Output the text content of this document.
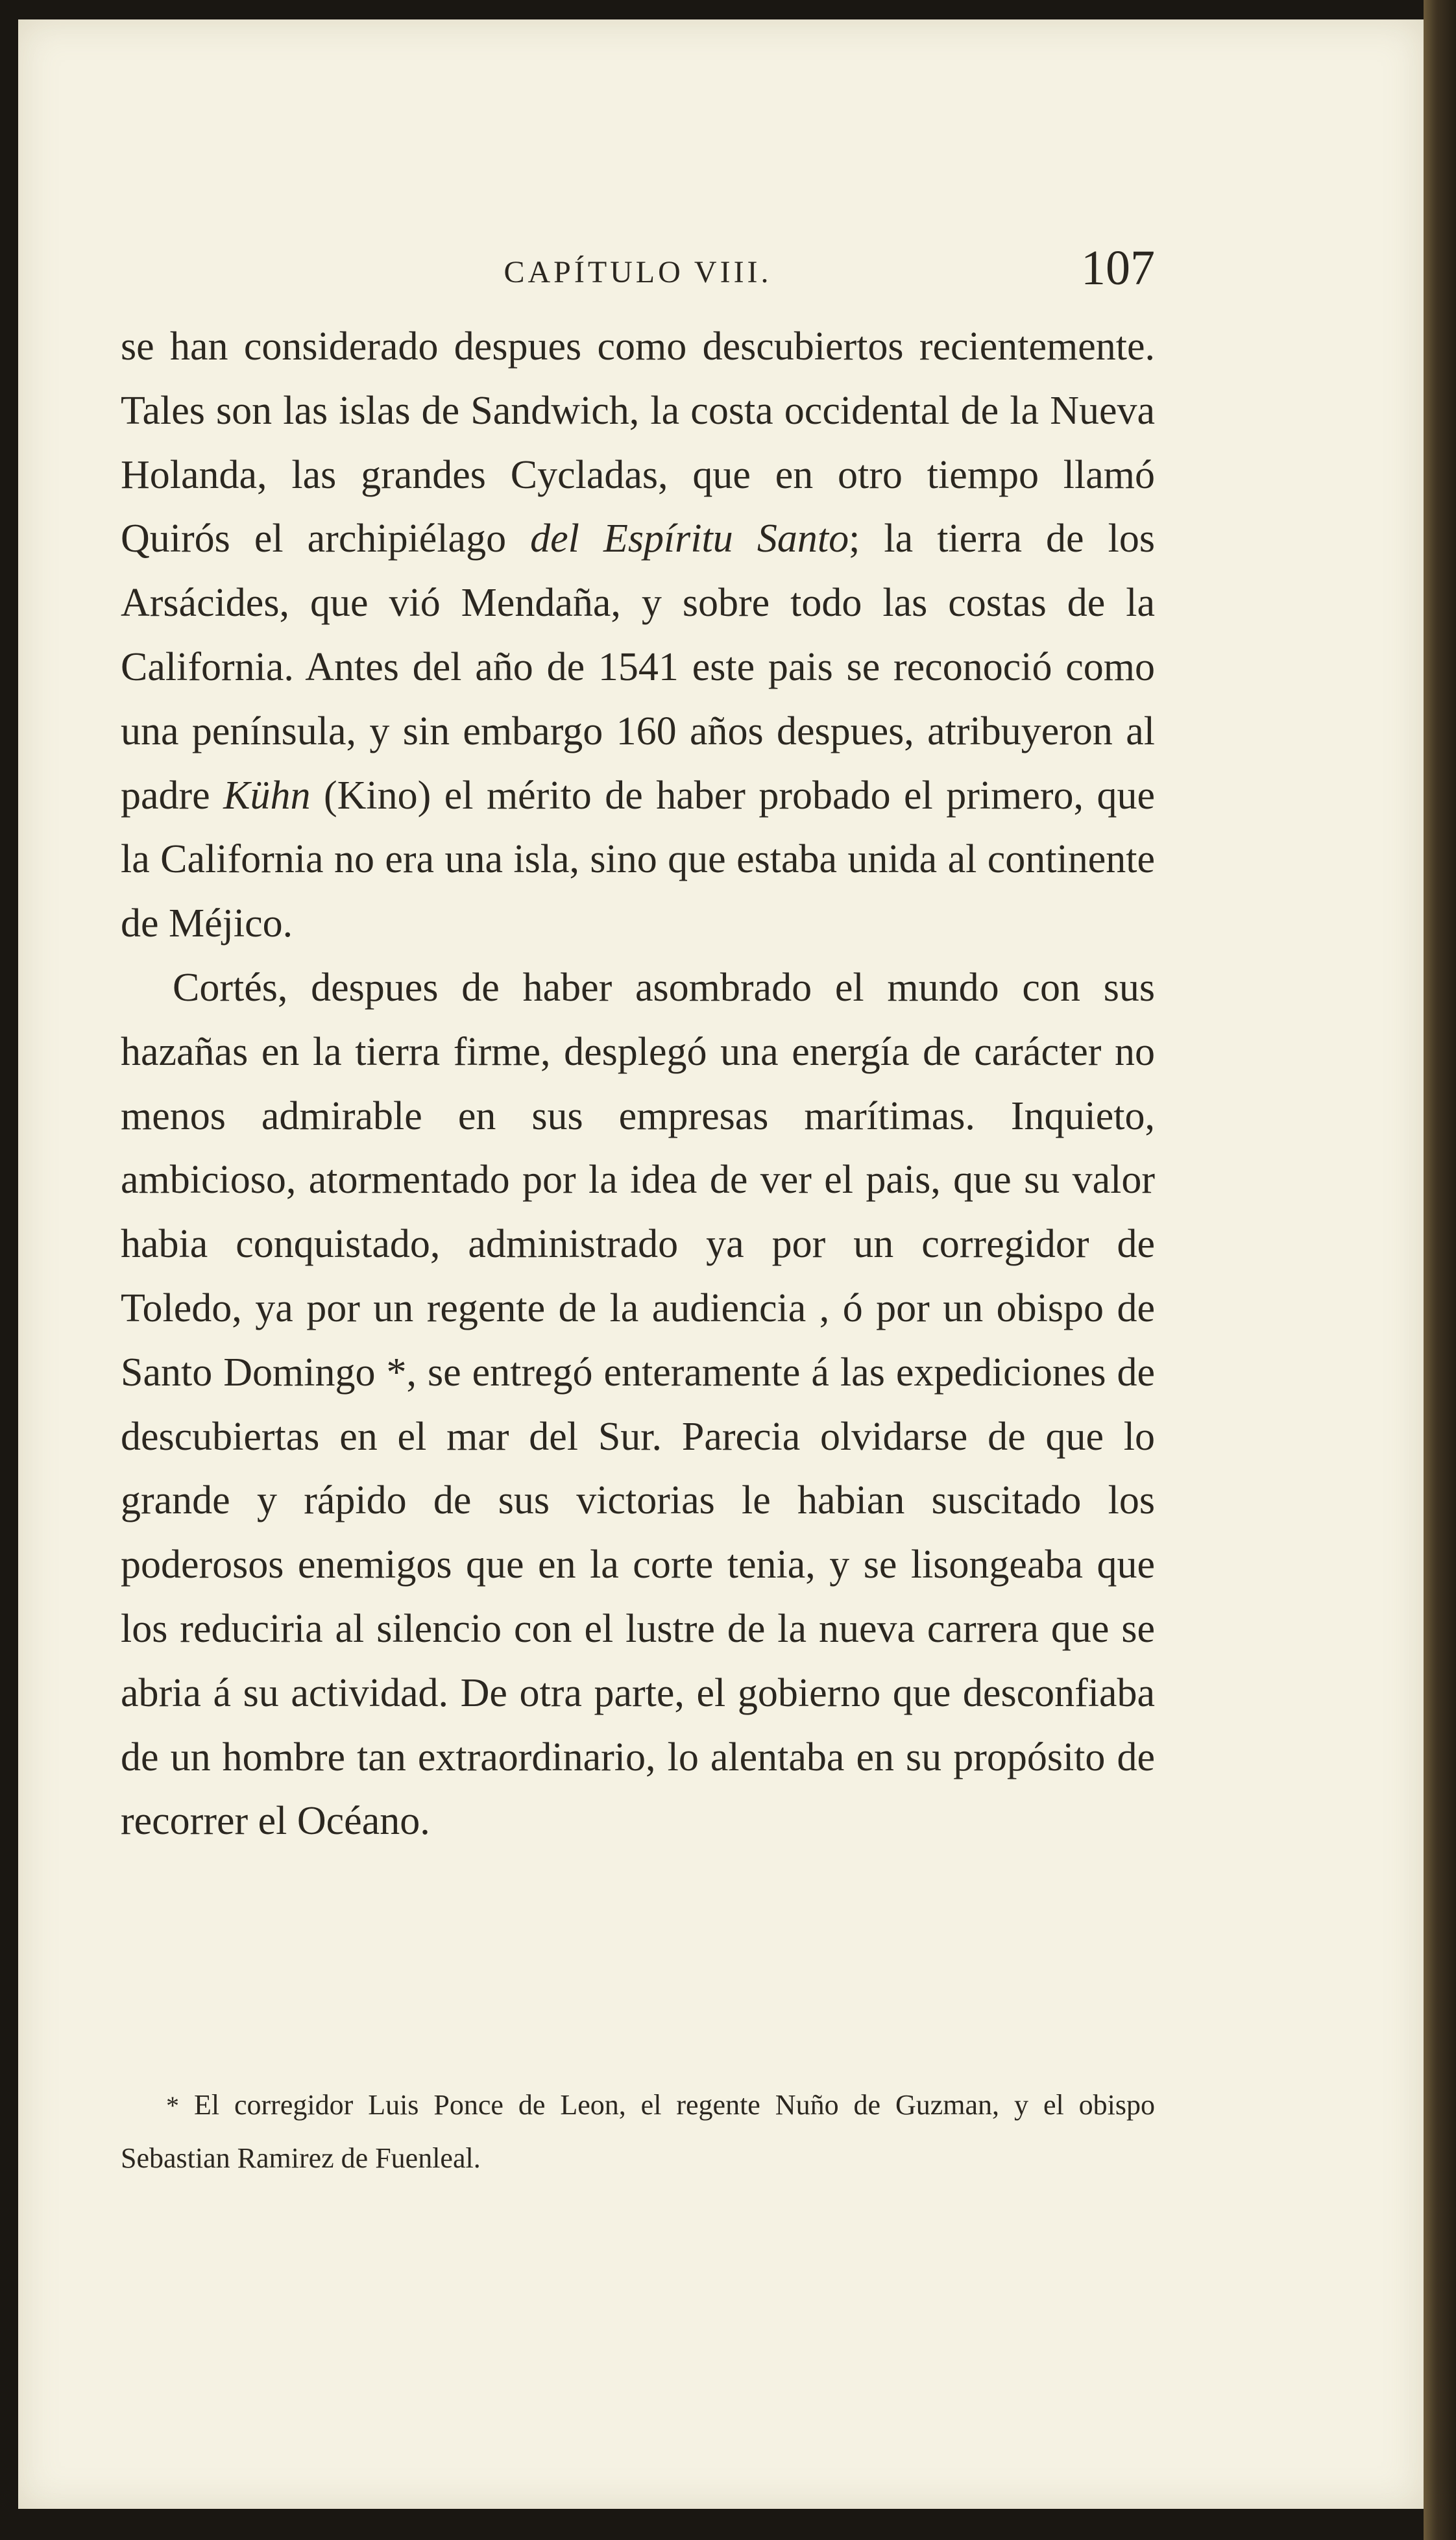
CAPÍTULO VIII.	107

se han considerado despues como descubiertos recientemente. Tales son las islas de Sandwich, la costa occidental de la Nueva Holanda, las grandes Cycladas, que en otro tiempo llamó Quirós el archipiélago del Espíritu Santo; la tierra de los Arsácides, que vió Mendaña, y sobre todo las costas de la California. Antes del año de 1541 este pais se reconoció como una península, y sin embargo 160 años despues, atribuyeron al padre Kühn (Kino) el mérito de haber probado el primero, que la California no era una isla, sino que estaba unida al continente de Méjico.

Cortés, despues de haber asombrado el mundo con sus hazañas en la tierra firme, desplegó una energía de carácter no menos admirable en sus empresas marítimas. Inquieto, ambicioso, atormentado por la idea de ver el pais, que su valor habia conquistado, administrado ya por un corregidor de Toledo, ya por un regente de la audiencia , ó por un obispo de Santo Domingo *, se entregó enteramente á las expediciones de descubiertas en el mar del Sur. Parecia olvidarse de que lo grande y rápido de sus victorias le habian suscitado los poderosos enemigos que en la corte tenia, y se lisongeaba que los reduciria al silencio con el lustre de la nueva carrera que se abria á su actividad. De otra parte, el gobierno que desconfiaba de un hombre tan extraordinario, lo alentaba en su propósito de recorrer el Océano.

* El corregidor Luis Ponce de Leon, el regente Nuño de Guzman, y el obispo Sebastian Ramirez de Fuenleal.
